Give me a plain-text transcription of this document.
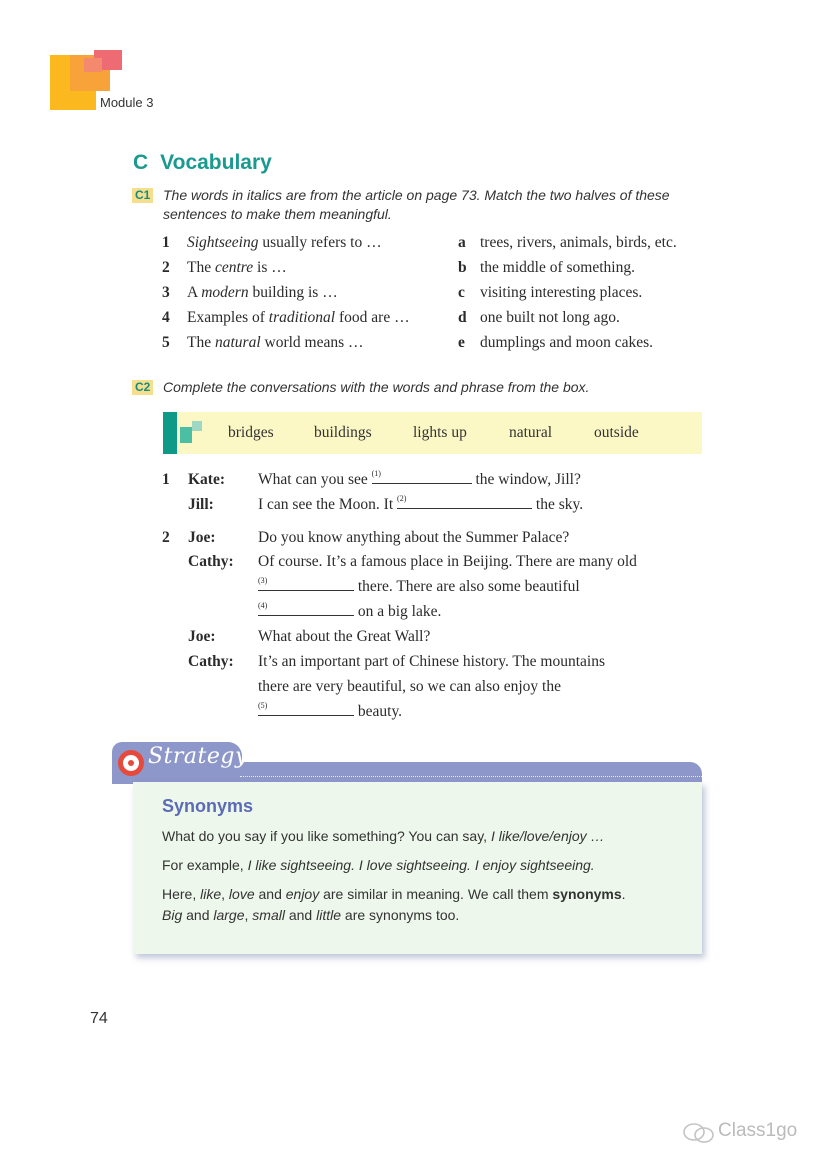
Module 3
C Vocabulary
C1 The words in italics are from the article on page 73. Match the two halves of these
sentences to make them meaningful.
1 Sightseeing usually refers to …	a trees, rivers, animals, birds, etc.
2 The centre is …	b the middle of something.
3 A modern building is …	c visiting interesting places.
4 Examples of traditional food are …	d one built not long ago.
5 The natural world means …	e dumplings and moon cakes.
C2 Complete the conversations with the words and phrase from the box.
bridges	buildings	lights up	natural	outside
1 Kate: What can you see (1)	the window, Jill?
Jill:	I can see the Moon. It (2)	the sky.
2 Joe:	Do you know anything about the Summer Palace?
Cathy: Of course. It’s a famous place in Beijing. There are many old
(3)	there. There are also some beautiful
(4)	on a big lake.
Joe:	What about the Great Wall?
Cathy: It’s an important part of Chinese history. The mountains
there are very beautiful, so we can also enjoy the
(5)	beauty.
Strategy
Synonyms
What do you say if you like something? You can say, I like/love/enjoy …
For example, I like sightseeing. I love sightseeing. I enjoy sightseeing.
Here, like, love and enjoy are similar in meaning. We call them synonyms.
Big and large, small and little are synonyms too.
74
Class1go
